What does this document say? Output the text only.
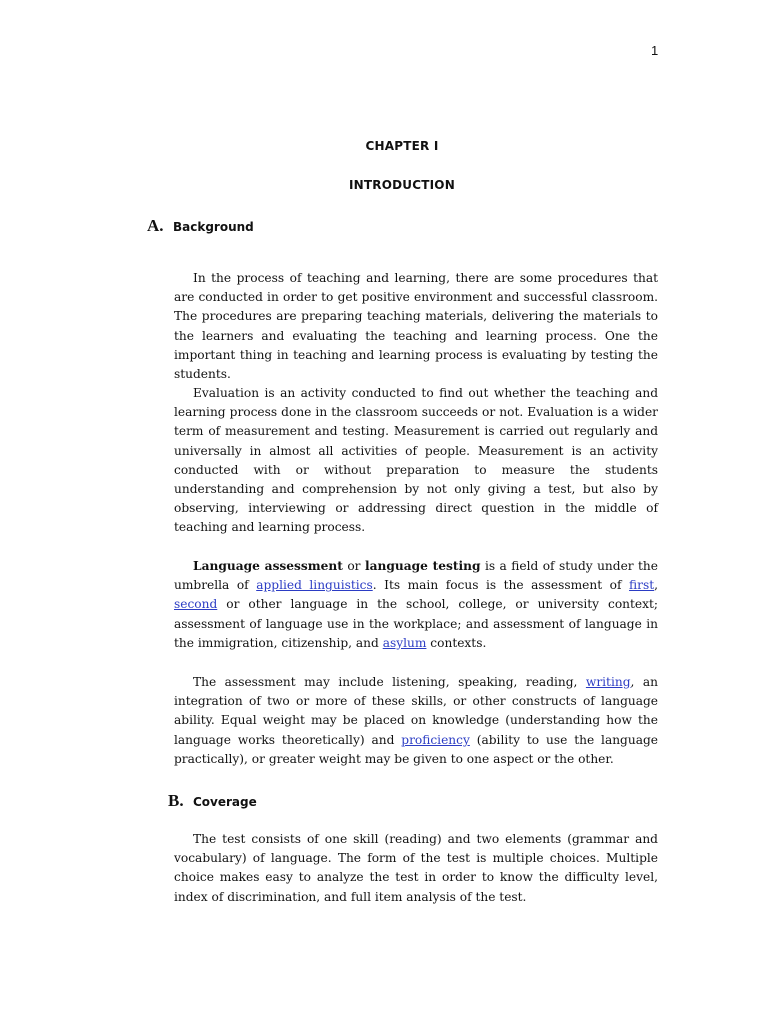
1
CHAPTER I
INTRODUCTION
A. Background

In the process of teaching and learning, there are some procedures that are conducted in order to get positive environment and successful classroom. The procedures are preparing teaching materials, delivering the materials to the learners and evaluating the teaching and learning process. One the important thing in teaching and learning process is evaluating by testing the students.

Evaluation is an activity conducted to find out whether the teaching and learning process done in the classroom succeeds or not. Evaluation is a wider term of measurement and testing. Measurement is carried out regularly and universally in almost all activities of people. Measurement is an activity conducted with or without preparation to measure the students understanding and comprehension by not only giving a test, but also by observing, interviewing or addressing direct question in the middle of teaching and learning process.

Language assessment or language testing is a field of study under the umbrella of applied linguistics. Its main focus is the assessment of first, second or other language in the school, college, or university context; assessment of language use in the workplace; and assessment of language in the immigration, citizenship, and asylum contexts.

The assessment may include listening, speaking, reading, writing, an integration of two or more of these skills, or other constructs of language ability. Equal weight may be placed on knowledge (understanding how the language works theoretically) and proficiency (ability to use the language practically), or greater weight may be given to one aspect or the other.

B. Coverage

The test consists of one skill (reading) and two elements (grammar and vocabulary) of language. The form of the test is multiple choices. Multiple choice makes easy to analyze the test in order to know the difficulty level, index of discrimination, and full item analysis of the test.
